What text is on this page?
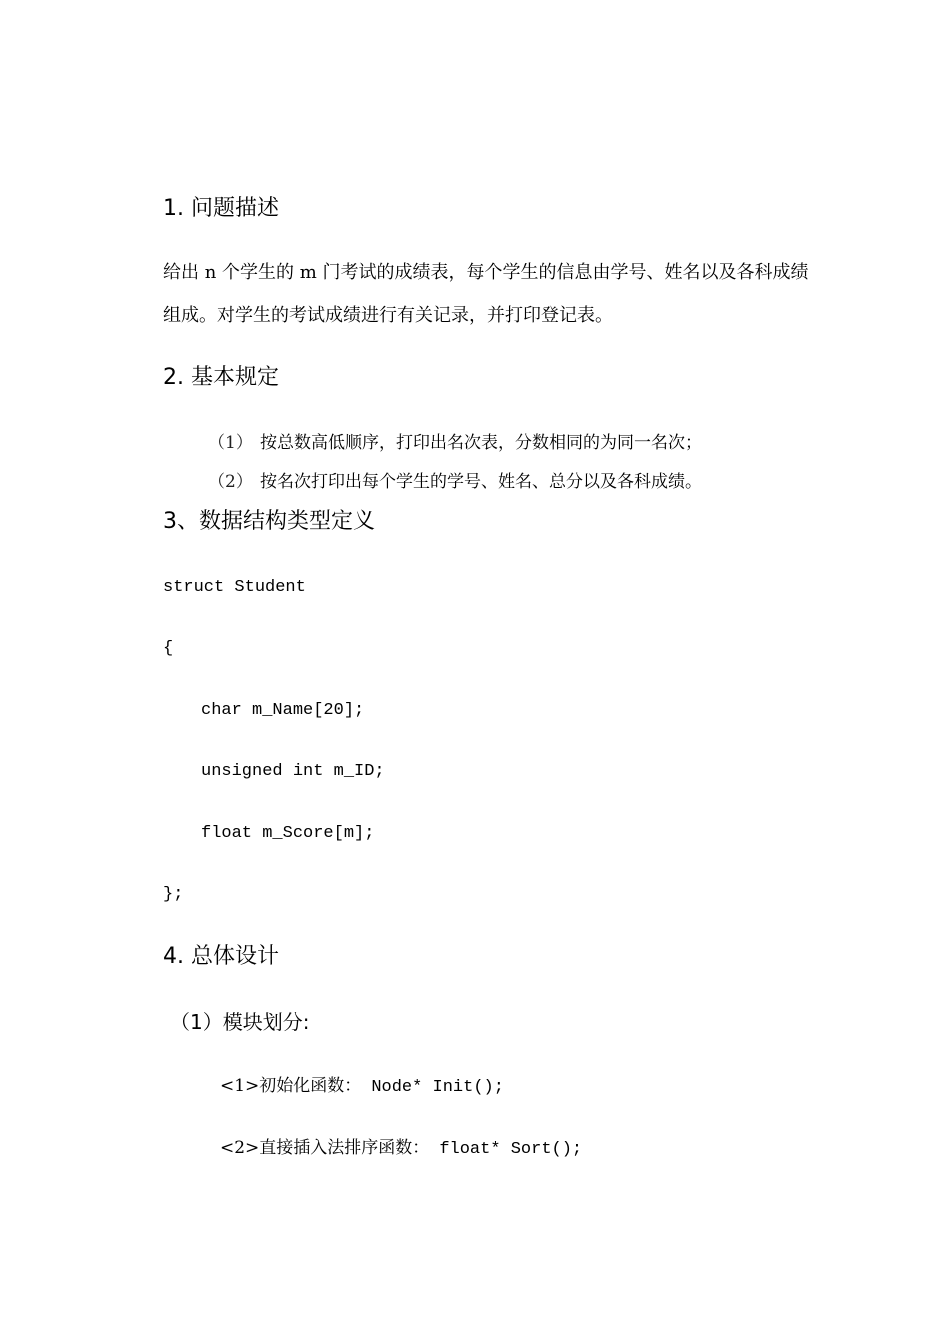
1. 问题描述
给出 n 个学生的 m 门考试的成绩表，每个学生的信息由学号、姓名以及各科成绩
组成。对学生的考试成绩进行有关记录，并打印登记表。
2. 基本规定
（1） 按总数高低顺序，打印出名次表，分数相同的为同一名次；
（2） 按名次打印出每个学生的学号、姓名、总分以及各科成绩。
3、数据结构类型定义
struct Student
{
char m_Name[20];
unsigned int m_ID;
float m_Score[m];
};
4. 总体设计
（1）模块划分:
<1>初始化函数： Node* Init();
<2>直接插入法排序函数： float* Sort();
